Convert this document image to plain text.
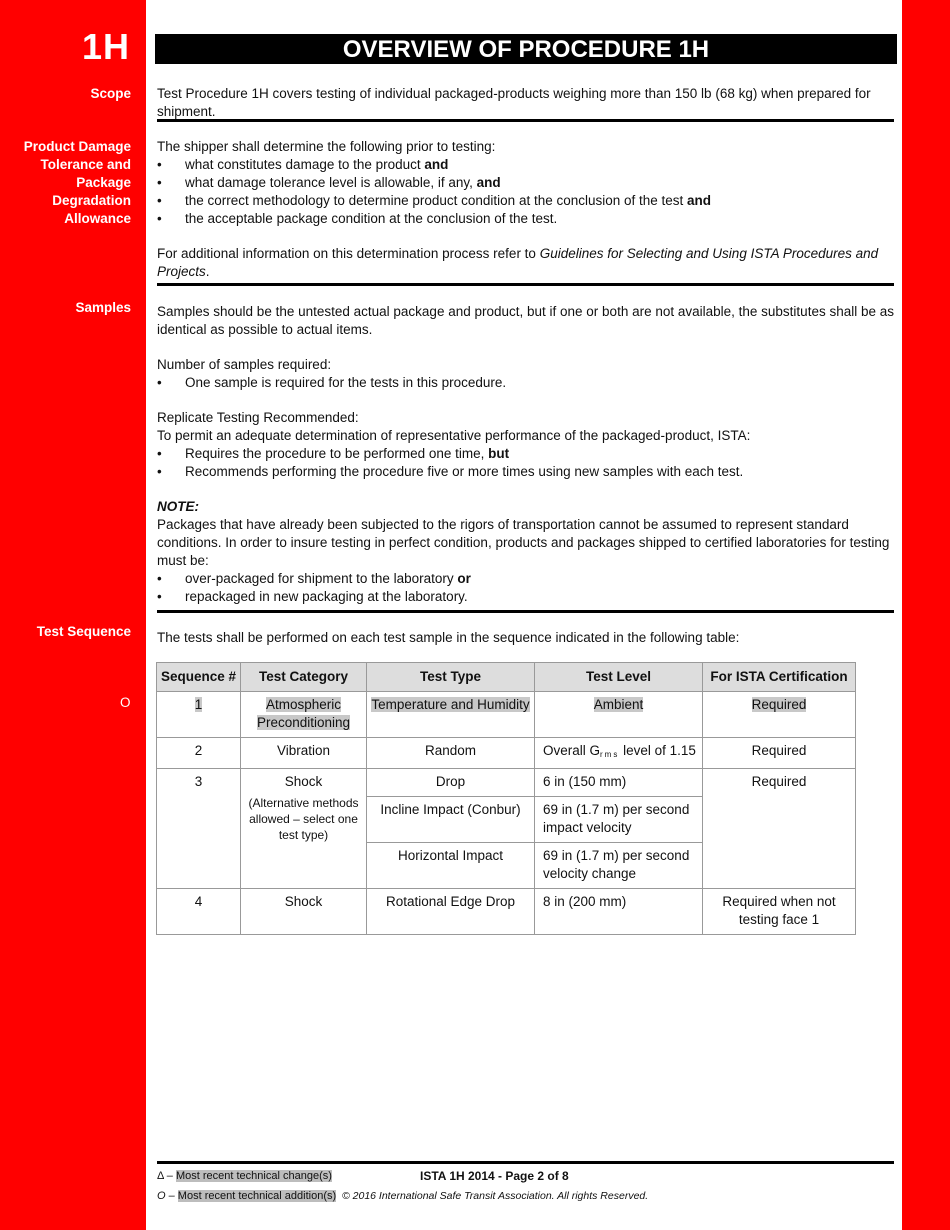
1H	OVERVIEW OF PROCEDURE 1H
Scope
Product Damage
Tolerance and
Package
Degradation
Allowance
Samples
Test Sequence
O
Test Procedure 1H covers testing of individual packaged-products weighing more than 150 lb (68 kg) when prepared for shipment.

The shipper shall determine the following prior to testing:

• what constitutes damage to the product and
• what damage tolerance level is allowable, if any, and
• the correct methodology to determine product condition at the conclusion of the test and
• the acceptable package condition at the conclusion of the test.

For additional information on this determination process refer to Guidelines for Selecting and Using ISTA Procedures and Projects.

Samples should be the untested actual package and product, but if one or both are not available, the substitutes shall be as identical as possible to actual items.

Number of samples required:

• One sample is required for the tests in this procedure.

Replicate Testing Recommended:

To permit an adequate determination of representative performance of the packaged-product, ISTA:

• Requires the procedure to be performed one time, but
• Recommends performing the procedure five or more times using new samples with each test.

NOTE:

Packages that have already been subjected to the rigors of transportation cannot be assumed to represent standard conditions. In order to insure testing in perfect condition, products and packages shipped to certified laboratories for testing must be:

• over-packaged for shipment to the laboratory or
• repackaged in new packaging at the laboratory.
The tests shall be performed on each test sample in the sequence indicated in the following table:
Sequence #	Test Category	Test Type	Test Level	For ISTA Certification
1	Atmospheric Preconditioning	Temperature and Humidity	Ambient	Required
2	Vibration	Random	Overall $G_{rms}$ level of 1.15	Required
3	Shock
(Alternative methods allowed – select one test type)	Drop	6 in (150 mm)	Required
		Incline Impact (Conbur)	69 in (1.7 m) per second impact velocity	
		Horizontal Impact	69 in (1.7 m) per second velocity change	
4	Shock	Rotational Edge Drop	8 in (200 mm)	Required when not testing face 1
Δ – Most recent technical change(s)	ISTA 1H 2014 - Page 2 of 8
O – Most recent technical addition(s) © 2016 International Safe Transit Association. All rights Reserved.
